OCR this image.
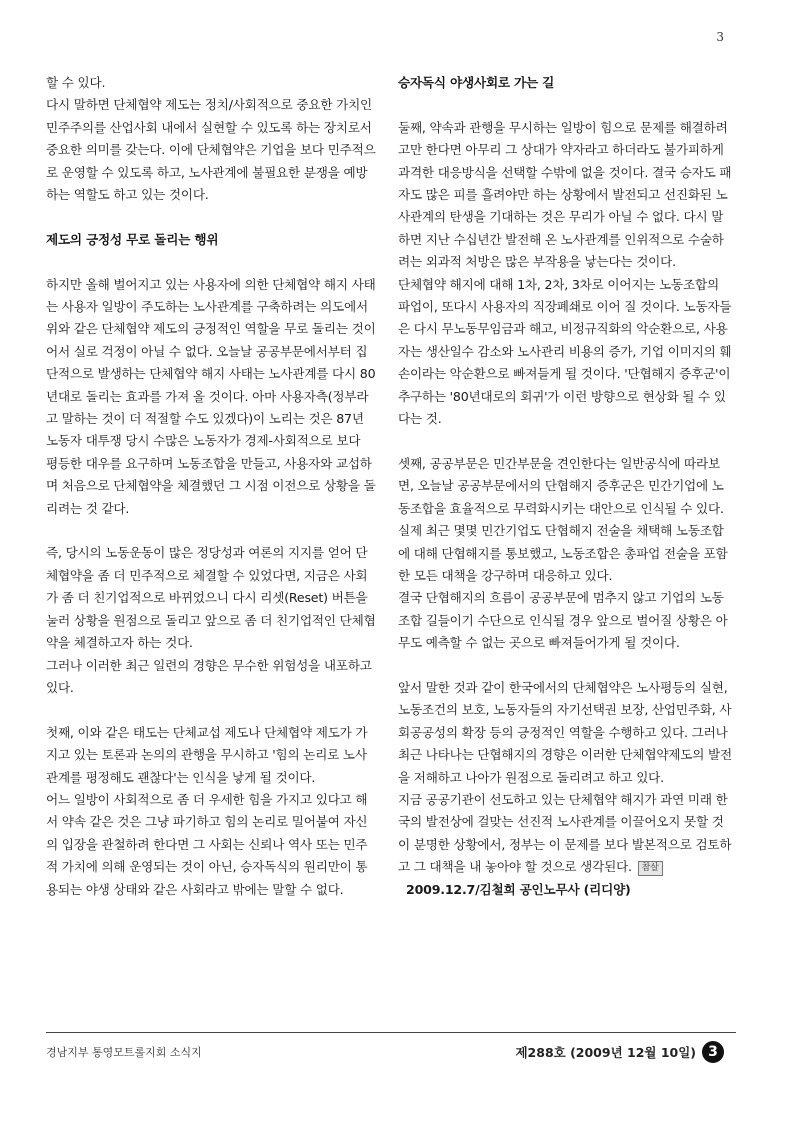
3

할 수 있다.

다시 말하면 단체협약 제도는 정치/사회적으로 중요한 가치인 민주주의를 산업사회 내에서 실현할 수 있도록 하는 장치로서 중요한 의미를 갖는다. 이에 단체협약은 기업을 보다 민주적으로 운영할 수 있도록 하고, 노사관계에 불필요한 분쟁을 예방하는 역할도 하고 있는 것이다.

제도의 긍정성 무로 돌리는 행위

하지만 올해 벌어지고 있는 사용자에 의한 단체협약 해지 사태는 사용자 일방이 주도하는 노사관계를 구축하려는 의도에서 위와 같은 단체협약 제도의 긍정적인 역할을 무로 돌리는 것이어서 실로 걱정이 아닐 수 없다. 오늘날 공공부문에서부터 집단적으로 발생하는 단체협약 해지 사태는 노사관계를 다시 80년대로 돌리는 효과를 가져 올 것이다. 아마 사용자측(정부라고 말하는 것이 더 적절할 수도 있겠다)이 노리는 것은 87년 노동자 대투쟁 당시 수많은 노동자가 경제-사회적으로 보다 평등한 대우를 요구하며 노동조합을 만들고, 사용자와 교섭하며 처음으로 단체협약을 체결했던 그 시점 이전으로 상황을 돌리려는 것 같다.

즉, 당시의 노동운동이 많은 정당성과 여론의 지지를 얻어 단체협약을 좀 더 민주적으로 체결할 수 있었다면, 지금은 사회가 좀 더 친기업적으로 바뀌었으니 다시 리셋(Reset) 버튼을 눌러 상황을 원점으로 돌리고 앞으로 좀 더 친기업적인 단체협약을 체결하고자 하는 것다.

그러나 이러한 최근 일련의 경향은 무수한 위험성을 내포하고 있다.

첫째, 이와 같은 태도는 단체교섭 제도나 단체협약 제도가 가지고 있는 토론과 논의의 관행을 무시하고 '힘의 논리로 노사관계를 평정해도 괜찮다'는 인식을 낳게 될 것이다.

어느 일방이 사회적으로 좀 더 우세한 힘을 가지고 있다고 해서 약속 같은 것은 그냥 파기하고 힘의 논리로 밀어붙여 자신의 입장을 관철하려 한다면 그 사회는 신뢰나 역사 또는 민주적 가치에 의해 운영되는 것이 아닌, 승자독식의 원리만이 통용되는 야생 상태와 같은 사회라고 밖에는 말할 수 없다.

승자독식 야생사회로 가는 길

둘째, 약속과 관행을 무시하는 일방이 힘으로 문제를 해결하려고만 한다면 아무리 그 상대가 약자라고 하더라도 불가피하게 과격한 대응방식을 선택할 수밖에 없을 것이다. 결국 승자도 패자도 많은 피를 흘려야만 하는 상황에서 발전되고 선진화된 노사관계의 탄생을 기대하는 것은 무리가 아닐 수 없다. 다시 말하면 지난 수십년간 발전해 온 노사관계를 인위적으로 수술하려는 외과적 처방은 많은 부작용을 낳는다는 것이다.

단체협약 해지에 대해 1차, 2차, 3차로 이어지는 노동조합의 파업이, 또다시 사용자의 직장폐쇄로 이어 질 것이다. 노동자들은 다시 무노동무임금과 해고, 비정규직화의 악순환으로, 사용자는 생산일수 감소와 노사관리 비용의 증가, 기업 이미지의 훼손이라는 악순환으로 빠져들게 될 것이다. '단협해지 증후군'이 추구하는 '80년대로의 회귀'가 이런 방향으로 현상화 될 수 있다는 것.

셋째, 공공부문은 민간부문을 견인한다는 일반공식에 따라보면, 오늘날 공공부문에서의 단협해지 증후군은 민간기업에 노동조합을 효율적으로 무력화시키는 대안으로 인식될 수 있다. 실제 최근 몇몇 민간기업도 단협해지 전술을 채택해 노동조합에 대해 단협해지를 통보했고, 노동조합은 총파업 전술을 포함한 모든 대책을 강구하며 대응하고 있다.

결국 단협해지의 흐름이 공공부문에 멈추지 않고 기업의 노동조합 길들이기 수단으로 인식될 경우 앞으로 벌어질 상황은 아무도 예측할 수 없는 곳으로 빠져들어가게 될 것이다.

앞서 말한 것과 같이 한국에서의 단체협약은 노사평등의 실현, 노동조건의 보호, 노동자들의 자기선택권 보장, 산업민주화, 사회공공성의 확장 등의 긍정적인 역할을 수행하고 있다. 그러나 최근 나타나는 단협해지의 경향은 이러한 단체협약제도의 발전을 저해하고 나아가 원점으로 돌리려고 하고 있다.

지금 공공기관이 선도하고 있는 단체협약 해지가 과연 미래 한국의 발전상에 걸맞는 선진적 노사관계를 이끌어오지 못할 것이 분명한 상황에서, 정부는 이 문제를 보다 발본적으로 검토하고 그 대책을 내 놓아야 할 것으로 생각된다. 참살2009.12.7/김철희 공인노무사 (리디양)

경남지부 통영모트롤지회 소식지	제288호 (2009년 12월 10일) 3
